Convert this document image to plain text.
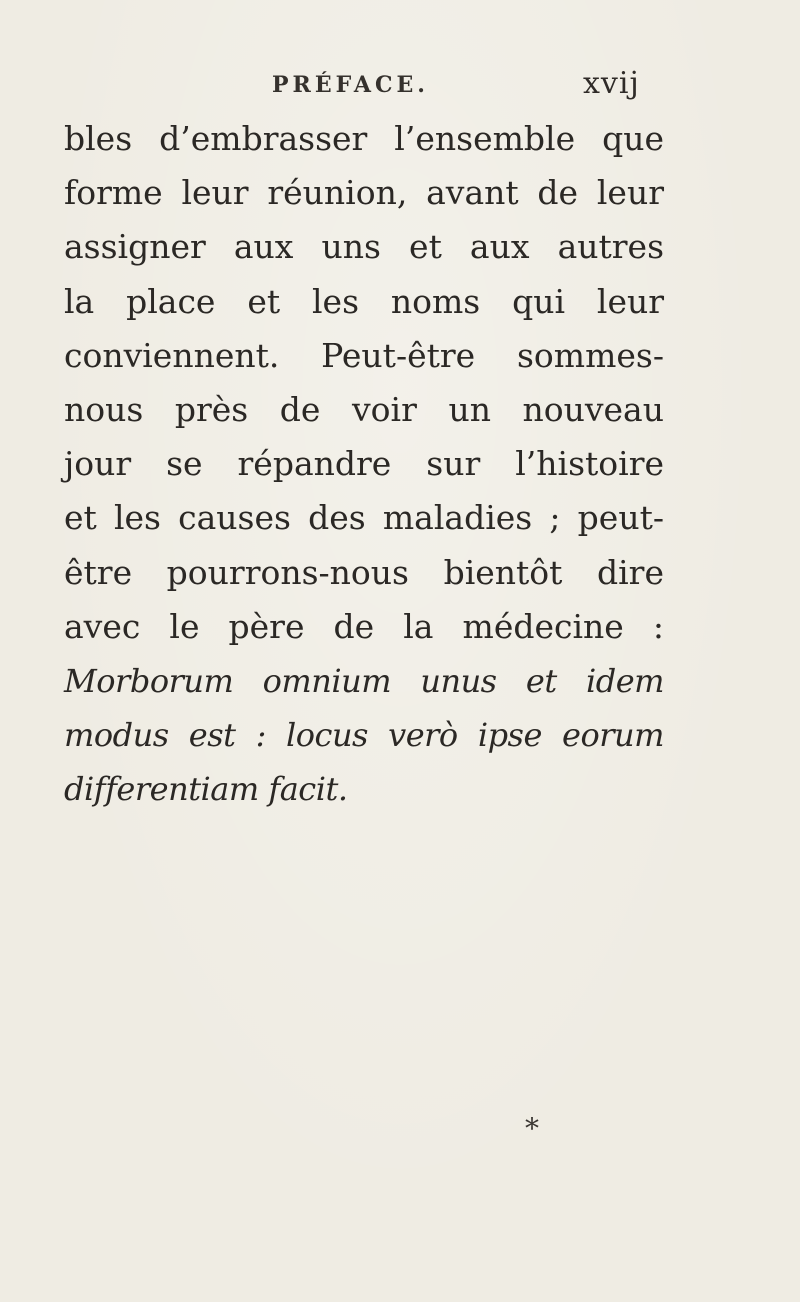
PRÉFACE.	xvij
bles d’embrasser l’ensemble que
forme leur réunion, avant de leur
assigner aux uns et aux autres
la place et les noms qui leur
conviennent. Peut-être sommes-
nous près de voir un nouveau
jour se répandre sur l’histoire
et les causes des maladies ; peut-
être pourrons-nous bientôt dire
avec le père de la médecine :
Morborum omnium unus et idem
modus est : locus verò ipse eorum
differentiam facit.
*
